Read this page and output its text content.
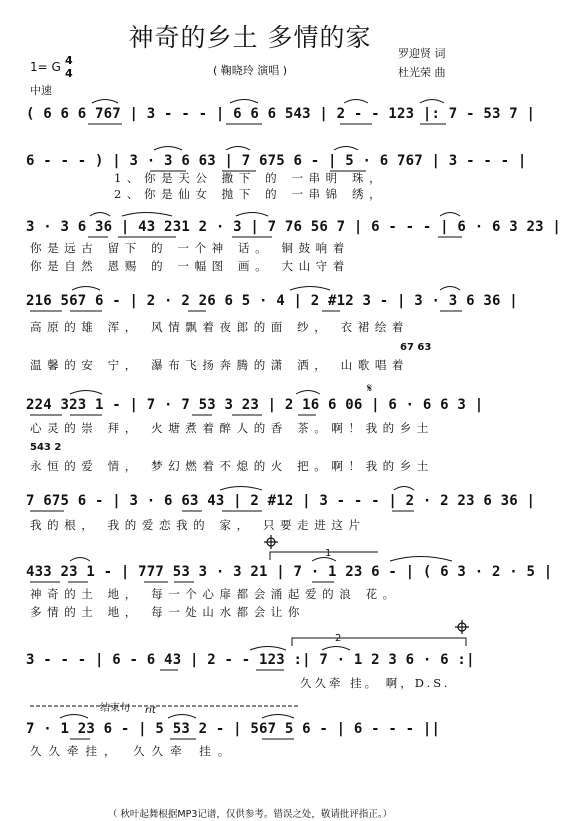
神奇的乡土 多情的家
( 鞠晓玲 演唱 )
罗迎贤 词
杜光荣 曲
1= G 4
4
中速
( 6 6 6 767 | 3 - - - | 6 6 6 543 | 2 - - 123 |: 7 - 53 7 |
6 - - - ) | 3 · 3 6 63 | 7 675 6 - | 5 · 6 767 | 3 - - - |
1、你是天公 撒下 的 一串明 珠，
2、你是仙女 抛下 的 一串锦 绣，
3 · 3 6 36 | 43 231 2 · 3 | 7 76 56 7 | 6 - - - | 6 · 6 3 23 |
你是远古 留下 的 一个神 话。 铜鼓响着
你是自然 恩赐 的 一幅图 画。 大山守着
216 567 6 - | 2 · 2 26 6 5 · 4 | 2 #12 3 - | 3 · 3 6 36 |
高原的雄 浑， 风情飘着夜郎的面 纱， 衣裙绘着
67 63
温馨的安 宁， 瀑布飞扬奔腾的潇 洒， 山歌唱着
224 323 1 - | 7 · 7 53 3 23 | 2 16 6 06 | 6 · 6 6 3 |
心灵的崇 拜， 火塘煮着醉人的香 茶。啊！我的乡土
543 2
永恒的爱 情， 梦幻燃着不熄的火 把。啊！我的乡土
7 675 6 - | 3 · 6 63 43 | 2 #12 | 3 - - - | 2 · 2 23 6 36 |
我的根， 我的爱恋我的 家， 只要走进这片
433 23 1 - | 777 53 3 · 3 21 | 7 · 1 23 6 - | ( 6 3 · 2 · 5 |
神奇的土 地， 每一个心扉都会涌起爱的浪 花。
多情的土 地， 每一处山水都会让你
3 - - - | 6 - 6 43 | 2 - - 123 :| 7 · 1 2 3 6 · 6 :|
久久牵 挂。 啊，D.S.
结束句 rit
7 · 1 23 6 - | 5 53 2 - | 567 5 6 - | 6 - - - ||
久久牵挂， 久久牵 挂。
1
2
（ 秋叶起舞根据MP3记谱，仅供参考。错误之处，敬请批评指正。）
𝄋
